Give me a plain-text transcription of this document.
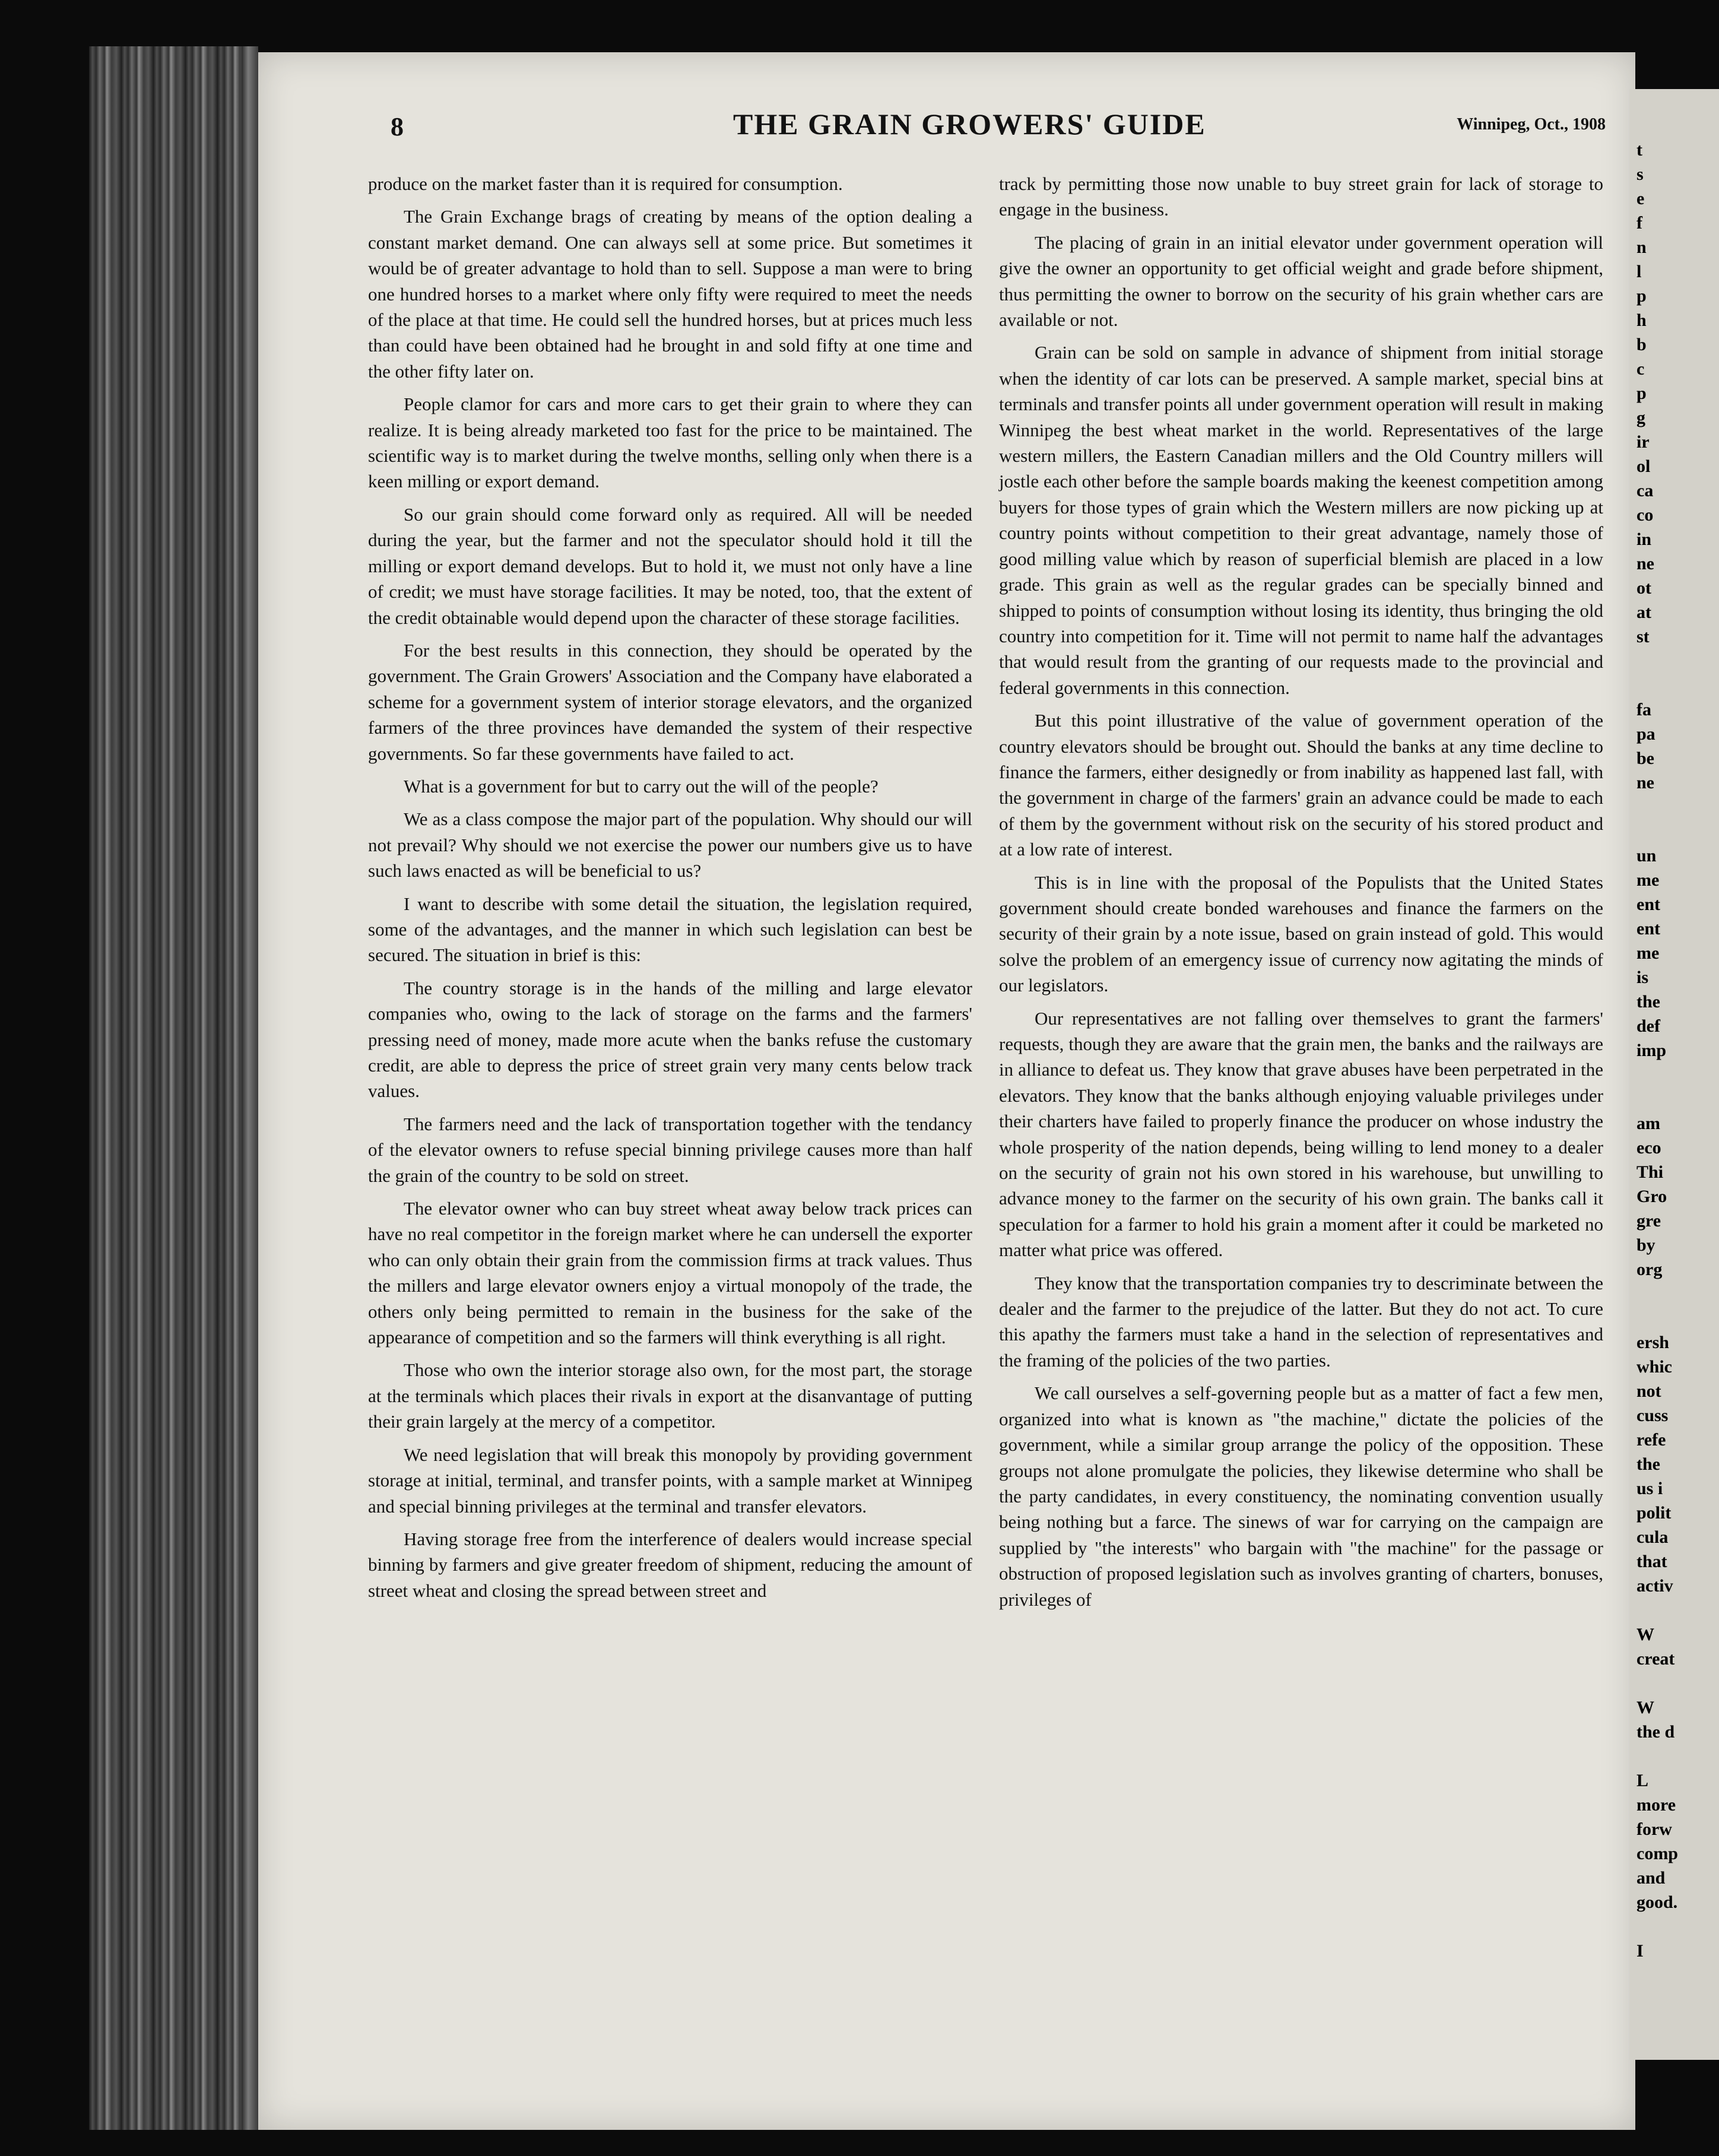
8	THE GRAIN GROWERS' GUIDE	Winnipeg, Oct., 1908

produce on the market faster than it is required for consumption.

The Grain Exchange brags of creating by means of the option dealing a constant market demand. One can always sell at some price. But sometimes it would be of greater advantage to hold than to sell. Suppose a man were to bring one hundred horses to a market where only fifty were required to meet the needs of the place at that time. He could sell the hundred horses, but at prices much less than could have been obtained had he brought in and sold fifty at one time and the other fifty later on.

People clamor for cars and more cars to get their grain to where they can realize. It is being already marketed too fast for the price to be maintained. The scientific way is to market during the twelve months, selling only when there is a keen milling or export demand.

So our grain should come forward only as required. All will be needed during the year, but the farmer and not the speculator should hold it till the milling or export demand develops. But to hold it, we must not only have a line of credit; we must have storage facilities. It may be noted, too, that the extent of the credit obtainable would depend upon the character of these storage facilities.

For the best results in this connection, they should be operated by the government. The Grain Growers' Association and the Company have elaborated a scheme for a government system of interior storage elevators, and the organized farmers of the three provinces have demanded the system of their respective governments. So far these governments have failed to act.

What is a government for but to carry out the will of the people?

We as a class compose the major part of the population. Why should our will not prevail? Why should we not exercise the power our numbers give us to have such laws enacted as will be beneficial to us?

I want to describe with some detail the situation, the legislation required, some of the advantages, and the manner in which such legislation can best be secured. The situation in brief is this:

The country storage is in the hands of the milling and large elevator companies who, owing to the lack of storage on the farms and the farmers' pressing need of money, made more acute when the banks refuse the customary credit, are able to depress the price of street grain very many cents below track values.

The farmers need and the lack of transportation together with the tendancy of the elevator owners to refuse special binning privilege causes more than half the grain of the country to be sold on street.

The elevator owner who can buy street wheat away below track prices can have no real competitor in the foreign market where he can undersell the exporter who can only obtain their grain from the commission firms at track values. Thus the millers and large elevator owners enjoy a virtual monopoly of the trade, the others only being permitted to remain in the business for the sake of the appearance of competition and so the farmers will think everything is all right.

Those who own the interior storage also own, for the most part, the storage at the terminals which places their rivals in export at the disanvantage of putting their grain largely at the mercy of a competitor.

We need legislation that will break this monopoly by providing government storage at initial, terminal, and transfer points, with a sample market at Winnipeg and special binning privileges at the terminal and transfer elevators.

Having storage free from the interference of dealers would increase special binning by farmers and give greater freedom of shipment, reducing the amount of street wheat and closing the spread between street and

track by permitting those now unable to buy street grain for lack of storage to engage in the business.

The placing of grain in an initial elevator under government operation will give the owner an opportunity to get official weight and grade before shipment, thus permitting the owner to borrow on the security of his grain whether cars are available or not.

Grain can be sold on sample in advance of shipment from initial storage when the identity of car lots can be preserved. A sample market, special bins at terminals and transfer points all under government operation will result in making Winnipeg the best wheat market in the world. Representatives of the large western millers, the Eastern Canadian millers and the Old Country millers will jostle each other before the sample boards making the keenest competition among buyers for those types of grain which the Western millers are now picking up at country points without competition to their great advantage, namely those of good milling value which by reason of superficial blemish are placed in a low grade. This grain as well as the regular grades can be specially binned and shipped to points of consumption without losing its identity, thus bringing the old country into competition for it. Time will not permit to name half the advantages that would result from the granting of our requests made to the provincial and federal governments in this connection.

But this point illustrative of the value of government operation of the country elevators should be brought out. Should the banks at any time decline to finance the farmers, either designedly or from inability as happened last fall, with the government in charge of the farmers' grain an advance could be made to each of them by the government without risk on the security of his stored product and at a low rate of interest.

This is in line with the proposal of the Populists that the United States government should create bonded warehouses and finance the farmers on the security of their grain by a note issue, based on grain instead of gold. This would solve the problem of an emergency issue of currency now agitating the minds of our legislators.

Our representatives are not falling over themselves to grant the farmers' requests, though they are aware that the grain men, the banks and the railways are in alliance to defeat us. They know that grave abuses have been perpetrated in the elevators. They know that the banks although enjoying valuable privileges under their charters have failed to properly finance the producer on whose industry the whole prosperity of the nation depends, being willing to lend money to a dealer on the security of grain not his own stored in his warehouse, but unwilling to advance money to the farmer on the security of his own grain. The banks call it speculation for a farmer to hold his grain a moment after it could be marketed no matter what price was offered.

They know that the transportation companies try to descriminate between the dealer and the farmer to the prejudice of the latter. But they do not act. To cure this apathy the farmers must take a hand in the selection of representatives and the framing of the policies of the two parties.

We call ourselves a self-governing people but as a matter of fact a few men, organized into what is known as "the machine," dictate the policies of the government, while a similar group arrange the policy of the opposition. These groups not alone promulgate the policies, they likewise determine who shall be the party candidates, in every constituency, the nominating convention usually being nothing but a farce. The sinews of war for carrying on the campaign are supplied by "the interests" who bargain with "the machine" for the passage or obstruction of proposed legislation such as involves granting of charters, bonuses, privileges of

t
s
e
f
n
l
p
h
b
c
p
g
ir
ol
ca
co
in
ne
ot
at
st
fa
pa
be
ne
un
me
ent
ent
me
is
the
def
imp
am
eco
Thi
Gro
gre
by
org
ersh
whic
not
cuss
refe
the
us i
polit
cula
that
activ
W
creat
W
the d
L
more
forw
comp
and
good.
I
